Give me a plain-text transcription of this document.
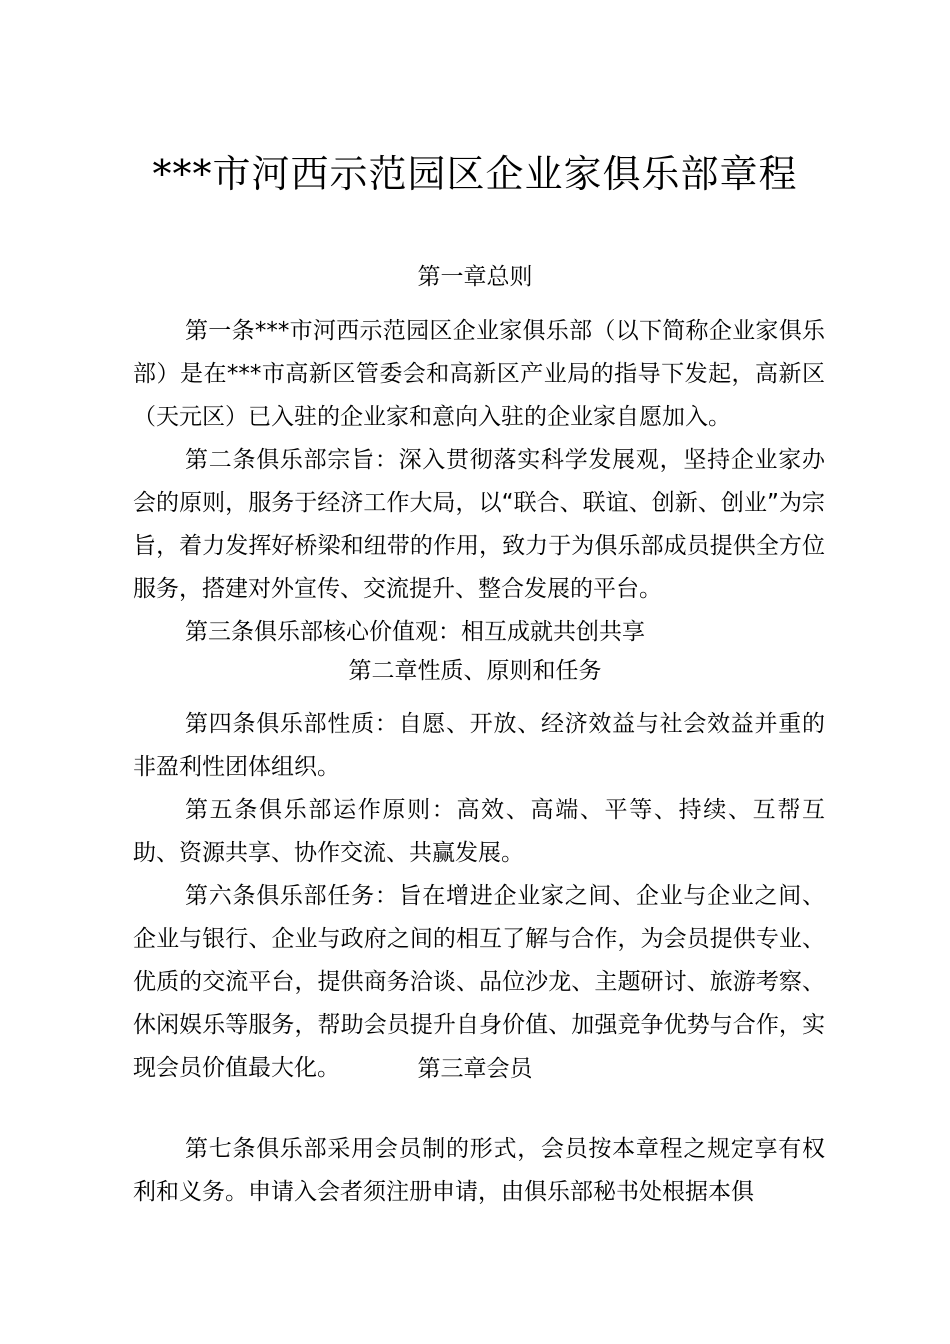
***市河西示范园区企业家俱乐部章程
第一章总则

第一条***市河西示范园区企业家俱乐部（以下简称企业家俱乐部）是在***市高新区管委会和高新区产业局的指导下发起，高新区（天元区）已入驻的企业家和意向入驻的企业家自愿加入。

第二条俱乐部宗旨：深入贯彻落实科学发展观，坚持企业家办会的原则，服务于经济工作大局，以“联合、联谊、创新、创业”为宗旨，着力发挥好桥梁和纽带的作用，致力于为俱乐部成员提供全方位服务，搭建对外宣传、交流提升、整合发展的平台。

第三条俱乐部核心价值观：相互成就共创共享

第二章性质、原则和任务

第四条俱乐部性质：自愿、开放、经济效益与社会效益并重的非盈利性团体组织。

第五条俱乐部运作原则：高效、高端、平等、持续、互帮互助、资源共享、协作交流、共赢发展。

第六条俱乐部任务：旨在增进企业家之间、企业与企业之间、企业与银行、企业与政府之间的相互了解与合作，为会员提供专业、优质的交流平台，提供商务洽谈、品位沙龙、主题研讨、旅游考察、休闲娱乐等服务，帮助会员提升自身价值、加强竞争优势与合作，实现会员价值最大化。	第三章会员

第七条俱乐部采用会员制的形式，会员按本章程之规定享有权利和义务。申请入会者须注册申请，由俱乐部秘书处根据本俱
